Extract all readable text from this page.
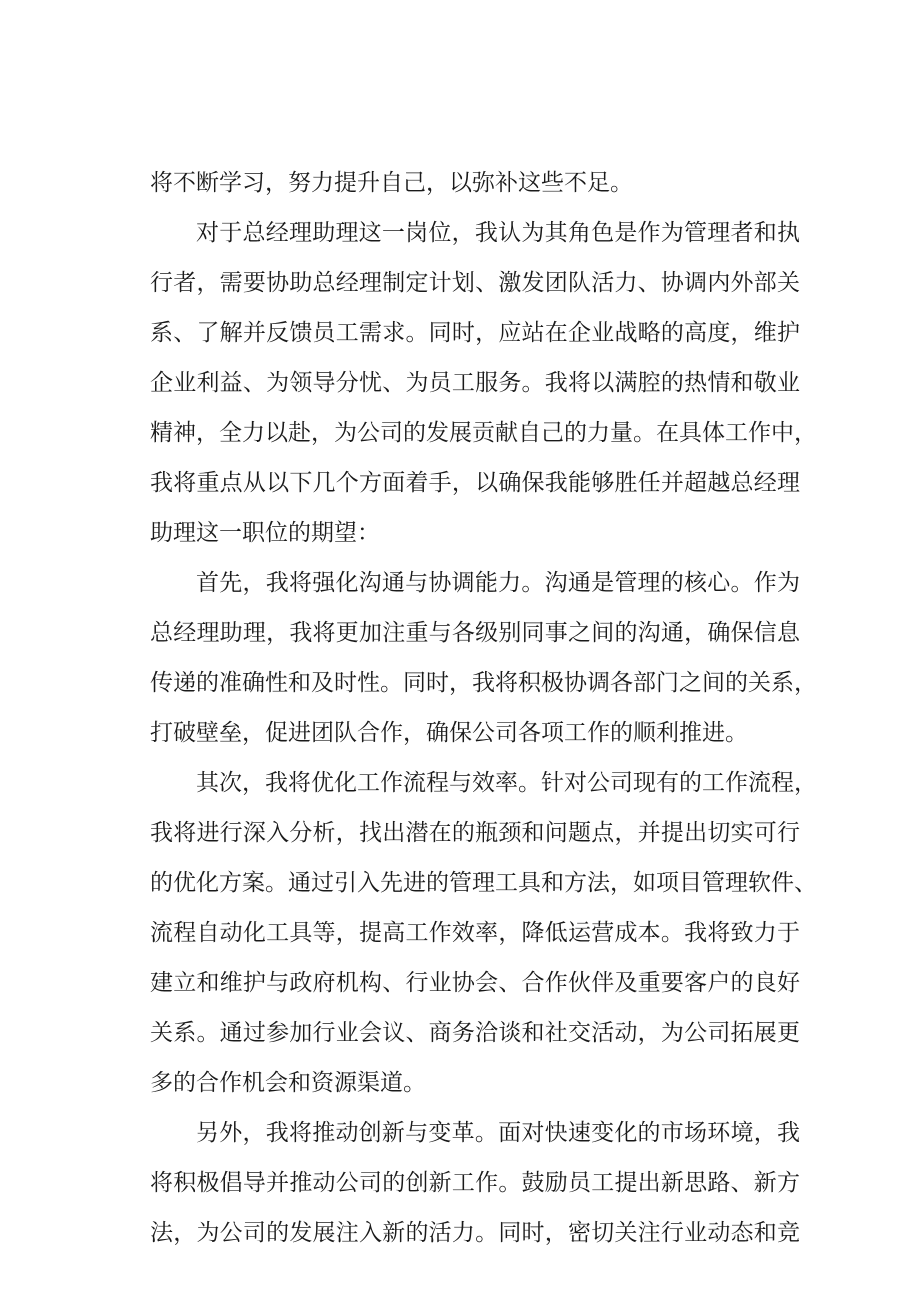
将不断学习，努力提升自己，以弥补这些不足。
对于总经理助理这一岗位，我认为其角色是作为管理者和执
行者，需要协助总经理制定计划、激发团队活力、协调内外部关
系、了解并反馈员工需求。同时，应站在企业战略的高度，维护
企业利益、为领导分忧、为员工服务。我将以满腔的热情和敬业
精神，全力以赴，为公司的发展贡献自己的力量。在具体工作中，
我将重点从以下几个方面着手，以确保我能够胜任并超越总经理
助理这一职位的期望：
首先，我将强化沟通与协调能力。沟通是管理的核心。作为
总经理助理，我将更加注重与各级别同事之间的沟通，确保信息
传递的准确性和及时性。同时，我将积极协调各部门之间的关系，
打破壁垒，促进团队合作，确保公司各项工作的顺利推进。
其次，我将优化工作流程与效率。针对公司现有的工作流程，
我将进行深入分析，找出潜在的瓶颈和问题点，并提出切实可行
的优化方案。通过引入先进的管理工具和方法，如项目管理软件、
流程自动化工具等，提高工作效率，降低运营成本。我将致力于
建立和维护与政府机构、行业协会、合作伙伴及重要客户的良好
关系。通过参加行业会议、商务洽谈和社交活动，为公司拓展更
多的合作机会和资源渠道。
另外，我将推动创新与变革。面对快速变化的市场环境，我
将积极倡导并推动公司的创新工作。鼓励员工提出新思路、新方
法，为公司的发展注入新的活力。同时，密切关注行业动态和竞
